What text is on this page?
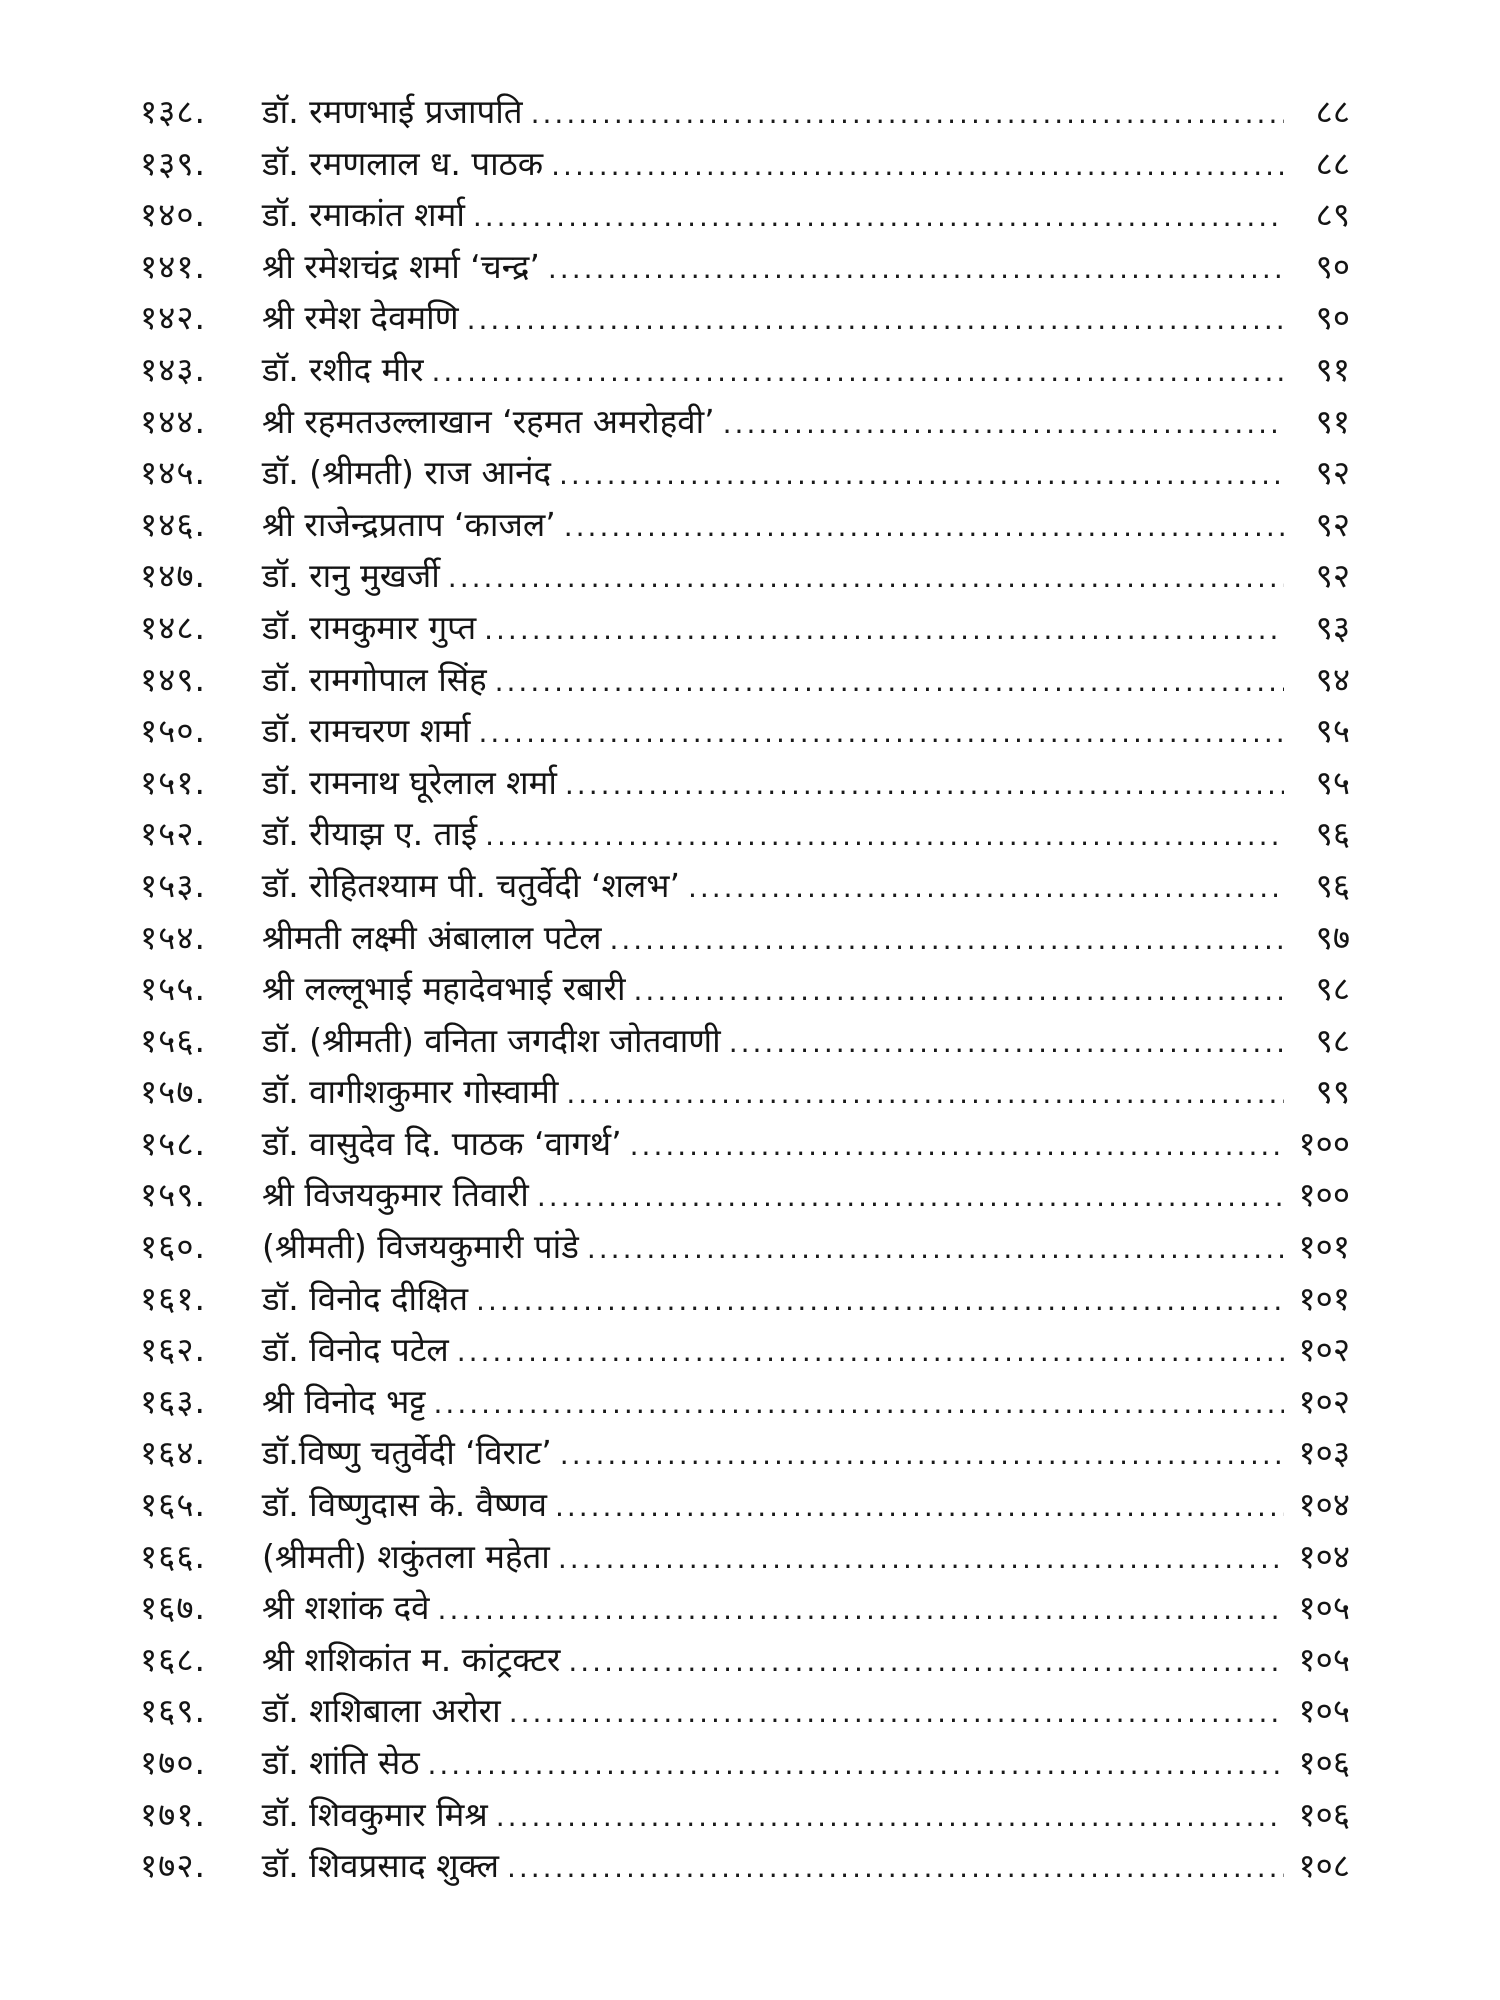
१३८.	डॉ. रमणभाई प्रजापति .....	८८
१३९.	डॉ. रमणलाल ध. पाठक .....	८८
१४०.	डॉ. रमाकांत शर्मा .....	८९
१४१.	श्री रमेशचंद्र शर्मा ‘चन्द्र’ .....	९०
१४२.	श्री रमेश देवमणि .....	९०
१४३.	डॉ. रशीद मीर .....	९१
१४४.	श्री रहमतउल्लाखान ‘रहमत अमरोहवी’ .....	९१
१४५.	डॉ. (श्रीमती) राज आनंद .....	९२
१४६.	श्री राजेन्द्रप्रताप ‘काजल’ .....	९२
१४७.	डॉ. रानु मुखर्जी .....	९२
१४८.	डॉ. रामकुमार गुप्त .....	९३
१४९.	डॉ. रामगोपाल सिंह .....	९४
१५०.	डॉ. रामचरण शर्मा .....	९५
१५१.	डॉ. रामनाथ घूरेलाल शर्मा .....	९५
१५२.	डॉ. रीयाझ ए. ताई .....	९६
१५३.	डॉ. रोहितश्याम पी. चतुर्वेदी ‘शलभ’ .....	९६
१५४.	श्रीमती लक्ष्मी अंबालाल पटेल .....	९७
१५५.	श्री लल्लूभाई महादेवभाई रबारी .....	९८
१५६.	डॉ. (श्रीमती) वनिता जगदीश जोतवाणी .....	९८
१५७.	डॉ. वागीशकुमार गोस्वामी .....	९९
१५८.	डॉ. वासुदेव दि. पाठक ‘वागर्थ’ .....	१००
१५९.	श्री विजयकुमार तिवारी .....	१००
१६०.	(श्रीमती) विजयकुमारी पांडे .....	१०१
१६१.	डॉ. विनोद दीक्षित .....	१०१
१६२.	डॉ. विनोद पटेल .....	१०२
१६३.	श्री विनोद भट्ट .....	१०२
१६४.	डॉ.विष्णु चतुर्वेदी ‘विराट’ .....	१०३
१६५.	डॉ. विष्णुदास के. वैष्णव .....	१०४
१६६.	(श्रीमती) शकुंतला महेता .....	१०४
१६७.	श्री शशांक दवे .....	१०५
१६८.	श्री शशिकांत म. कांट्रक्टर .....	१०५
१६९.	डॉ. शशिबाला अरोरा .....	१०५
१७०.	डॉ. शांति सेठ .....	१०६
१७१.	डॉ. शिवकुमार मिश्र .....	१०६
१७२.	डॉ. शिवप्रसाद शुक्ल .....	१०८
